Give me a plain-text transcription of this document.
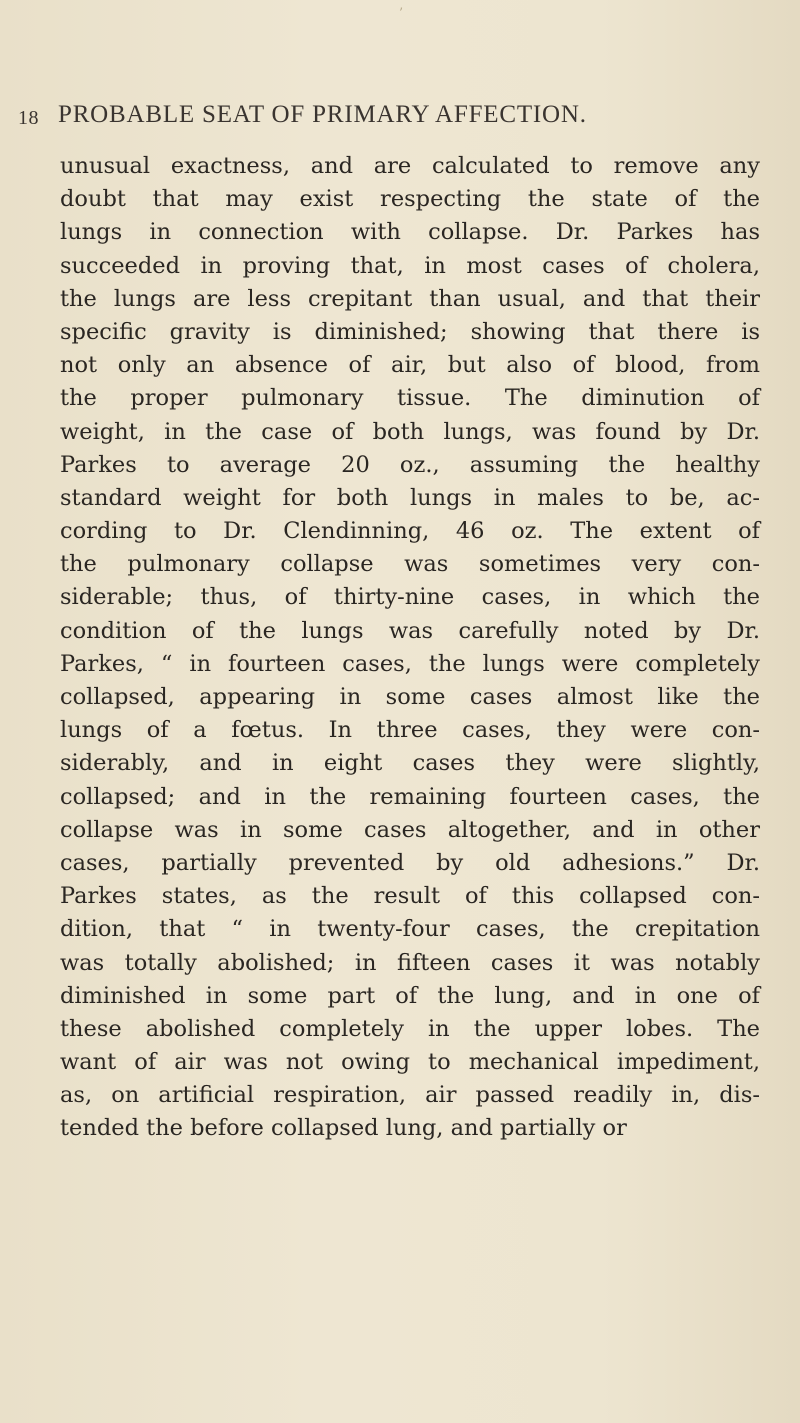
’
18 PROBABLE SEAT OF PRIMARY AFFECTION.
unusual exactness, and are calculated to remove any
doubt that may exist respecting the state of the
lungs in connection with collapse. Dr. Parkes has
succeeded in proving that, in most cases of cholera,
the lungs are less crepitant than usual, and that their
specific gravity is diminished; showing that there is
not only an absence of air, but also of blood, from
the proper pulmonary tissue. The diminution of
weight, in the case of both lungs, was found by Dr.
Parkes to average 20 oz., assuming the healthy
standard weight for both lungs in males to be, ac-
cording to Dr. Clendinning, 46 oz. The extent of
the pulmonary collapse was sometimes very con-
siderable; thus, of thirty-nine cases, in which the
condition of the lungs was carefully noted by Dr.
Parkes, “ in fourteen cases, the lungs were completely
collapsed, appearing in some cases almost like the
lungs of a fœtus. In three cases, they were con-
siderably, and in eight cases they were slightly,
collapsed; and in the remaining fourteen cases, the
collapse was in some cases altogether, and in other
cases, partially prevented by old adhesions.” Dr.
Parkes states, as the result of this collapsed con-
dition, that “ in twenty-four cases, the crepitation
was totally abolished; in fifteen cases it was notably
diminished in some part of the lung, and in one of
these abolished completely in the upper lobes. The
want of air was not owing to mechanical impediment,
as, on artificial respiration, air passed readily in, dis-
tended the before collapsed lung, and partially or
